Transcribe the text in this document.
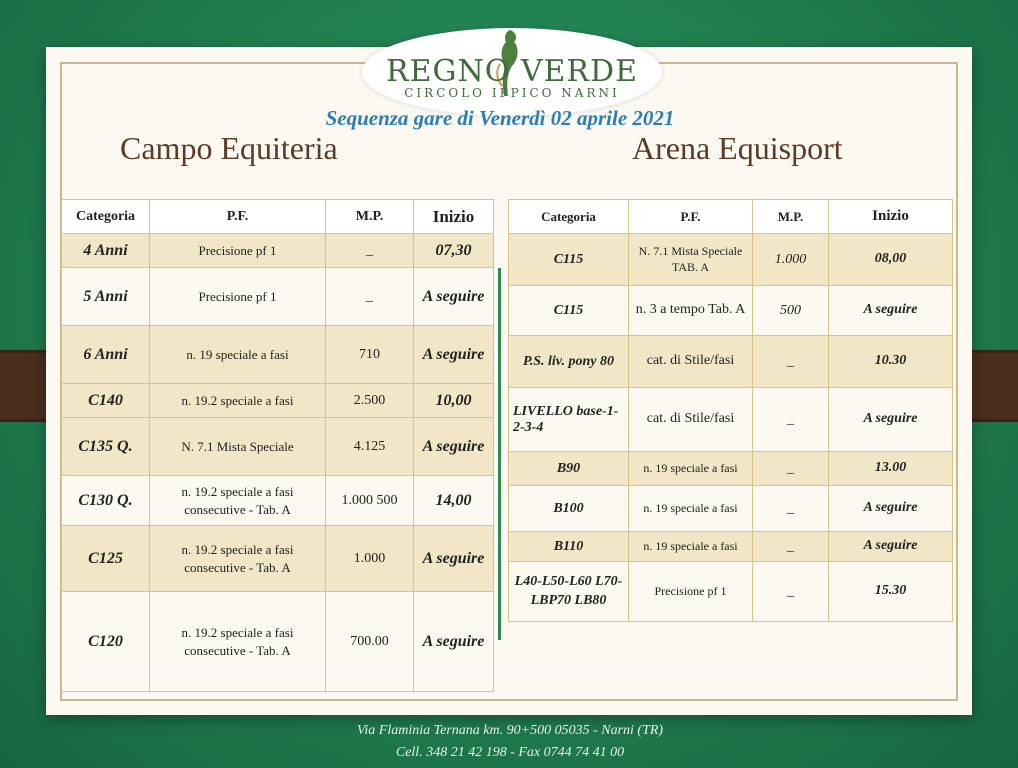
REGNO VERDE
CIRCOLO IPPICO NARNI
Sequenza gare di Venerdì 02 aprile 2021
Campo Equiteria	Arena Equisport
Categoria	P.F.	M.P.	Inizio
4 Anni	Precisione pf 1	_	07,30
5 Anni	Precisione pf 1	_	A seguire
6 Anni	n. 19 speciale a fasi	710	A seguire
C140	n. 19.2 speciale a fasi	2.500	10,00
C135 Q.	N. 7.1 Mista Speciale	4.125	A seguire
C130 Q.	n. 19.2 speciale a fasi consecutive - Tab. A	1.000 500	14,00
C125	n. 19.2 speciale a fasi consecutive - Tab. A	1.000	A seguire
C120	n. 19.2 speciale a fasi consecutive - Tab. A	700.00	A seguire
Categoria	P.F.	M.P.	Inizio
C115	N. 7.1 Mista Speciale TAB. A	1.000	08,00
C115	n. 3 a tempo Tab. A	500	A seguire
P.S. liv. pony 80	cat. di Stile/fasi	_	10.30
LIVELLO base-1-2-3-4	cat. di Stile/fasi	_	A seguire
B90	n. 19 speciale a fasi	_	13.00
B100	n. 19 speciale a fasi	_	A seguire
B110	n. 19 speciale a fasi	_	A seguire
L40-L50-L60 L70-LBP70 LB80	Precisione pf 1	_	15.30
Via Flaminia Ternana km. 90+500 05035 - Narni (TR)
Cell. 348 21 42 198 - Fax 0744 74 41 00
